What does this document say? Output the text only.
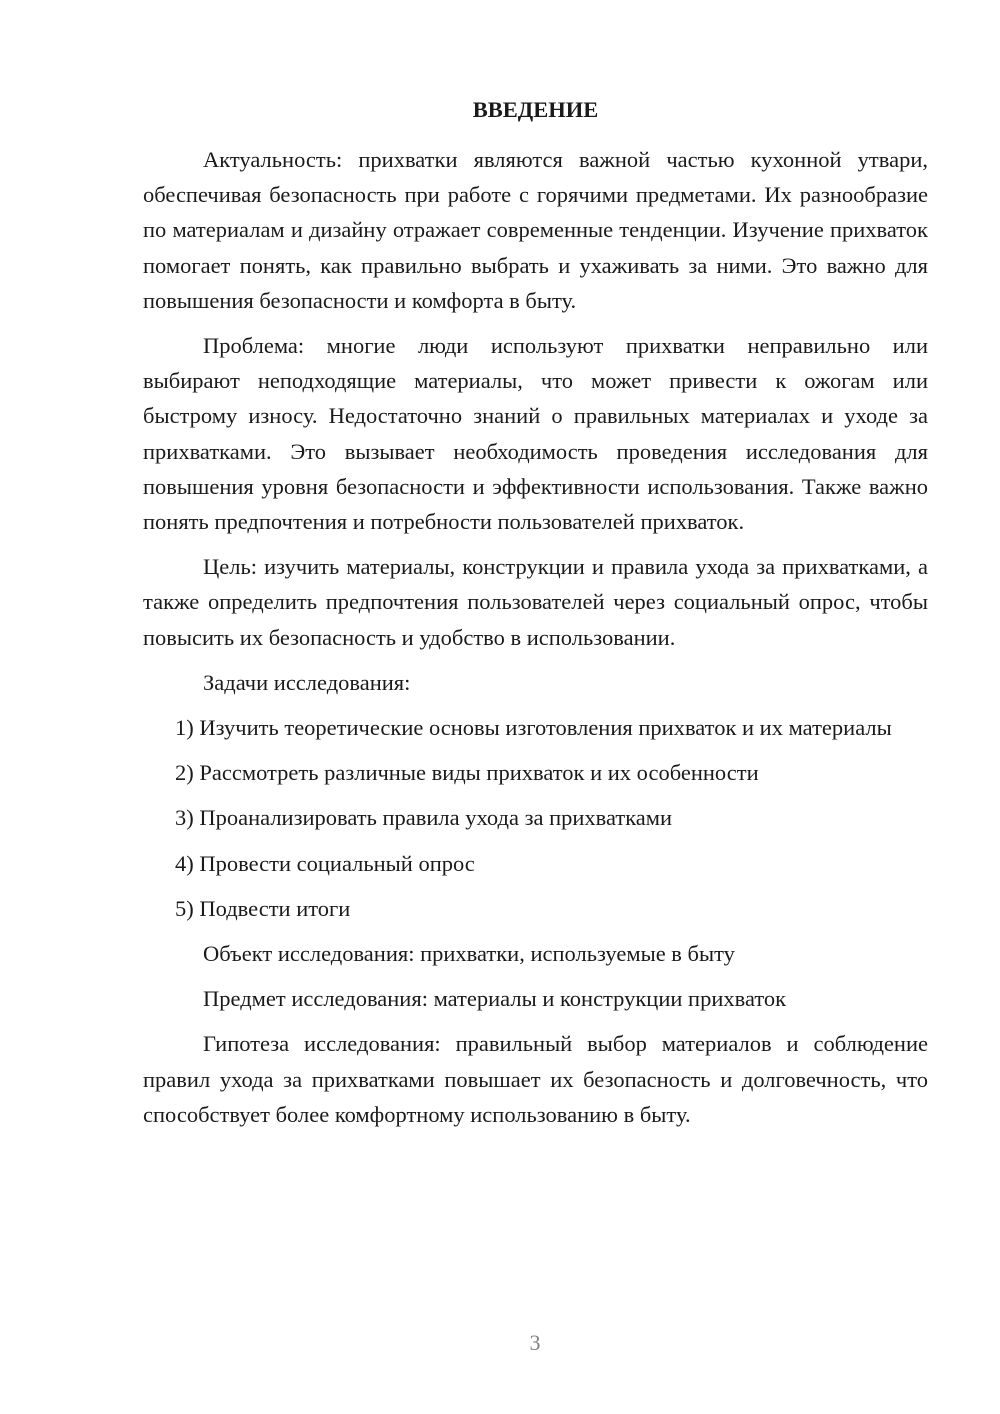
ВВЕДЕНИЕ

Актуальность: прихватки являются важной частью кухонной утвари, обеспечивая безопасность при работе с горячими предметами. Их разнообразие по материалам и дизайну отражает современные тенденции. Изучение прихваток помогает понять, как правильно выбрать и ухаживать за ними. Это важно для повышения безопасности и комфорта в быту.

Проблема: многие люди используют прихватки неправильно или выбирают неподходящие материалы, что может привести к ожогам или быстрому износу. Недостаточно знаний о правильных материалах и уходе за прихватками. Это вызывает необходимость проведения исследования для повышения уровня безопасности и эффективности использования. Также важно понять предпочтения и потребности пользователей прихваток.

Цель: изучить материалы, конструкции и правила ухода за прихватками, а также определить предпочтения пользователей через социальный опрос, чтобы повысить их безопасность и удобство в использовании.

Задачи исследования:

1) Изучить теоретические основы изготовления прихваток и их материалы

2) Рассмотреть различные виды прихваток и их особенности

3) Проанализировать правила ухода за прихватками

4) Провести социальный опрос

5) Подвести итоги

Объект исследования: прихватки, используемые в быту

Предмет исследования: материалы и конструкции прихваток

Гипотеза исследования: правильный выбор материалов и соблюдение правил ухода за прихватками повышает их безопасность и долговечность, что способствует более комфортному использованию в быту.

3
